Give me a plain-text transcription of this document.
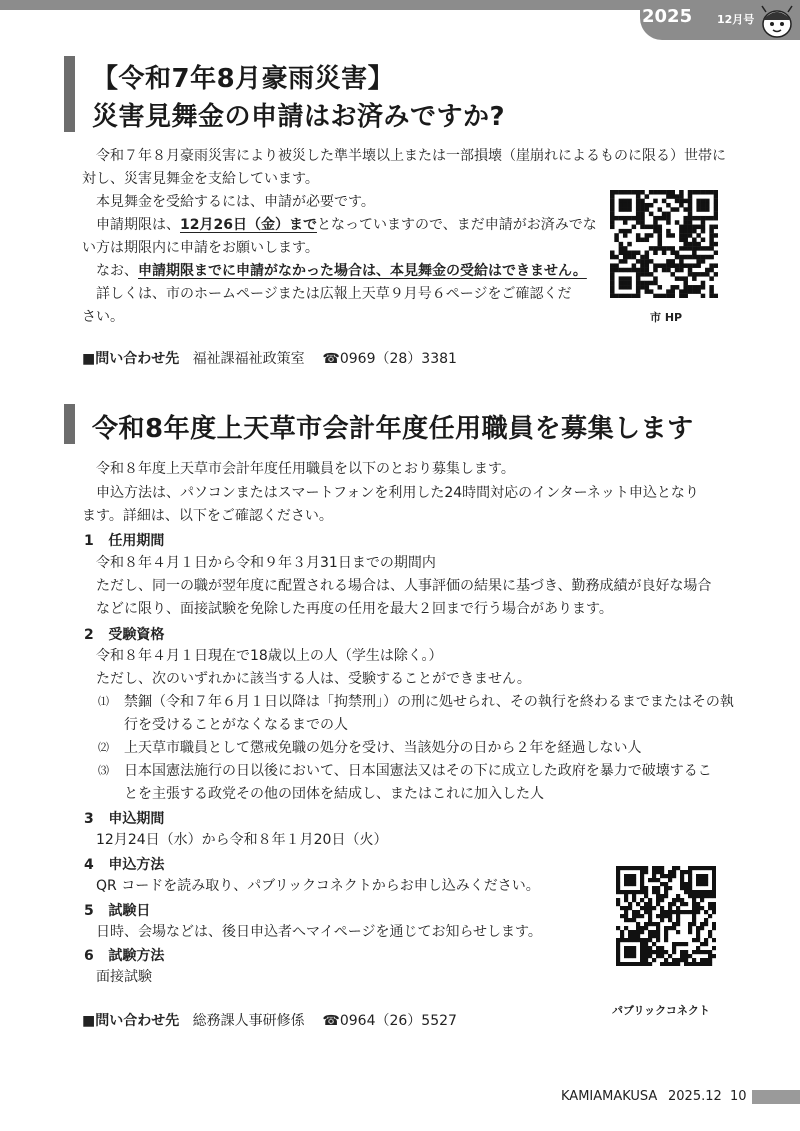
2025 12月号
【令和7年8月豪雨災害】
災害見舞金の申請はお済みですか?
令和７年８月豪雨災害により被災した準半壊以上または一部損壊（崖崩れによるものに限る）世帯に
対し、災害見舞金を支給しています。
本見舞金を受給するには、申請が必要です。
申請期限は、12月26日（金）までとなっていますので、まだ申請がお済みでな
い方は期限内に申請をお願いします。
なお、申請期限までに申請がなかった場合は、本見舞金の受給はできません。
詳しくは、市のホームページまたは広報上天草９月号６ページをご確認くだ
さい。	市 HP
■問い合わせ先 福祉課福祉政策室 ☎0969（28）3381
令和8年度上天草市会計年度任用職員を募集します
令和８年度上天草市会計年度任用職員を以下のとおり募集します。
申込方法は、パソコンまたはスマートフォンを利用した24時間対応のインターネット申込となり
ます。詳細は、以下をご確認ください。
1 任用期間
令和８年４月１日から令和９年３月31日までの期間内
ただし、同一の職が翌年度に配置される場合は、人事評価の結果に基づき、勤務成績が良好な場合
などに限り、面接試験を免除した再度の任用を最大２回まで行う場合があります。
2 受験資格
令和８年４月１日現在で18歳以上の人（学生は除く。）
ただし、次のいずれかに該当する人は、受験することができません。
⑴ 禁錮（令和７年６月１日以降は「拘禁刑」）の刑に処せられ、その執行を終わるまでまたはその執
行を受けることがなくなるまでの人
⑵ 上天草市職員として懲戒免職の処分を受け、当該処分の日から２年を経過しない人
⑶ 日本国憲法施行の日以後において、日本国憲法又はその下に成立した政府を暴力で破壊するこ
とを主張する政党その他の団体を結成し、またはこれに加入した人
3 申込期間
12月24日（水）から令和８年１月20日（火）
4 申込方法
QR コードを読み取り、パブリックコネクトからお申し込みください。
5 試験日
日時、会場などは、後日申込者へマイページを通じてお知らせします。
6 試験方法
面接試験
パブリックコネクト
■問い合わせ先 総務課人事研修係 ☎0964（26）5527
KAMIAMAKUSA 2025.12 10
